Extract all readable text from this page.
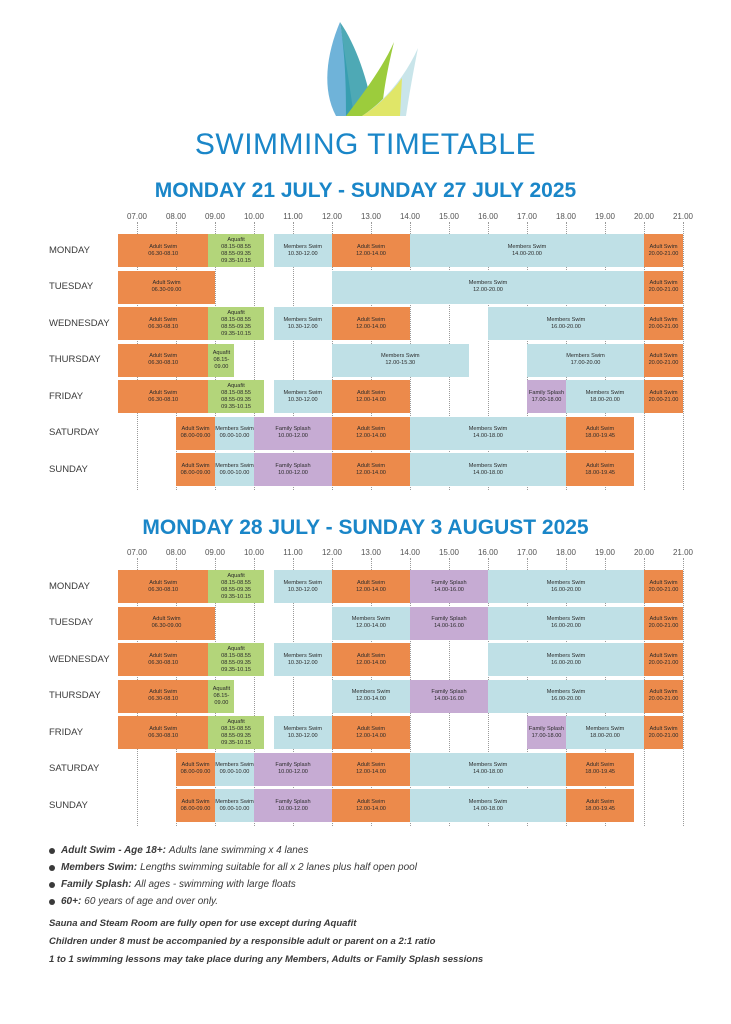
SWIMMING TIMETABLE
MONDAY 21 JULY - SUNDAY 27 JULY 2025
07.00	08.00	09.00	10.00	11.00	12.00	13.00	14.00	15.00	16.00	17.00	18.00	19.00	20.00	21.00
MONDAY	Adult Swim
06.30-08.10
Aquafit
08.15-08.55
08.55-09.35
09.35-10.15
Members Swim
10.30-12.00
Adult Swim
12.00-14.00
Members Swim
14.00-20.00
Adult Swim
20.00-21.00
TUESDAY	Adult Swim
06.30-09.00
Members Swim
12.00-20.00
Adult Swim
20.00-21.00
WEDNESDAY	Adult Swim
06.30-08.10
Aquafit
08.15-08.55
08.55-09.35
09.35-10.15
Members Swim
10.30-12.00
Adult Swim
12.00-14.00
Members Swim
16.00-20.00
Adult Swim
20.00-21.00
THURSDAY	Adult Swim
06.30-08.10
Aquafit
08.15-
09.00
Members Swim
12.00-15.30
Members Swim
17.00-20.00
Adult Swim
20.00-21.00
FRIDAY	Adult Swim
06.30-08.10
Aquafit
08.15-08.55
08.55-09.35
09.35-10.15
Members Swim
10.30-12.00
Adult Swim
12.00-14.00
Family Splash
17.00-18.00
Members Swim
18.00-20.00
Adult Swim
20.00-21.00
SATURDAY	Adult Swim
08.00-09.00
Members Swim
09.00-10.00
Family Splash
10.00-12.00
Adult Swim
12.00-14.00
Members Swim
14.00-18.00
Adult Swim
18.00-19.45
SUNDAY	Adult Swim
08.00-09.00
Members Swim
09.00-10.00
Family Splash
10.00-12.00
Adult Swim
12.00-14.00
Members Swim
14.00-18.00
Adult Swim
18.00-19.45
MONDAY 28 JULY - SUNDAY 3 AUGUST 2025
07.00	08.00	09.00	10.00	11.00	12.00	13.00	14.00	15.00	16.00	17.00	18.00	19.00	20.00	21.00
MONDAY	Adult Swim
06.30-08.10
Aquafit
08.15-08.55
08.55-09.35
09.35-10.15
Members Swim
10.30-12.00
Adult Swim
12.00-14.00
Family Splash
14.00-16.00
Members Swim
16.00-20.00
Adult Swim
20.00-21.00
TUESDAY	Adult Swim
06.30-09.00
Members Swim
12.00-14.00
Family Splash
14.00-16.00
Members Swim
16.00-20.00
Adult Swim
20.00-21.00
WEDNESDAY	Adult Swim
06.30-08.10
Aquafit
08.15-08.55
08.55-09.35
09.35-10.15
Members Swim
10.30-12.00
Adult Swim
12.00-14.00
Members Swim
16.00-20.00
Adult Swim
20.00-21.00
THURSDAY	Adult Swim
06.30-08.10
Aquafit
08.15-
09.00
Members Swim
12.00-14.00
Family Splash
14.00-16.00
Members Swim
16.00-20.00
Adult Swim
20.00-21.00
FRIDAY	Adult Swim
06.30-08.10
Aquafit
08.15-08.55
08.55-09.35
09.35-10.15
Members Swim
10.30-12.00
Adult Swim
12.00-14.00
Family Splash
17.00-18.00
Members Swim
18.00-20.00
Adult Swim
20.00-21.00
SATURDAY	Adult Swim
08.00-09.00
Members Swim
09.00-10.00
Family Splash
10.00-12.00
Adult Swim
12.00-14.00
Members Swim
14.00-18.00
Adult Swim
18.00-19.45
SUNDAY	Adult Swim
08.00-09.00
Members Swim
09.00-10.00
Family Splash
10.00-12.00
Adult Swim
12.00-14.00
Members Swim
14.00-18.00
Adult Swim
18.00-19.45
Adult Swim - Age 18+: Adults lane swimming x 4 lanes
Members Swim: Lengths swimming suitable for all x 2 lanes plus half open pool
Family Splash: All ages - swimming with large floats
60+: 60 years of age and over only.
Sauna and Steam Room are fully open for use except during Aquafit
Children under 8 must be accompanied by a responsible adult or parent on a 2:1 ratio
1 to 1 swimming lessons may take place during any Members, Adults or Family Splash sessions
